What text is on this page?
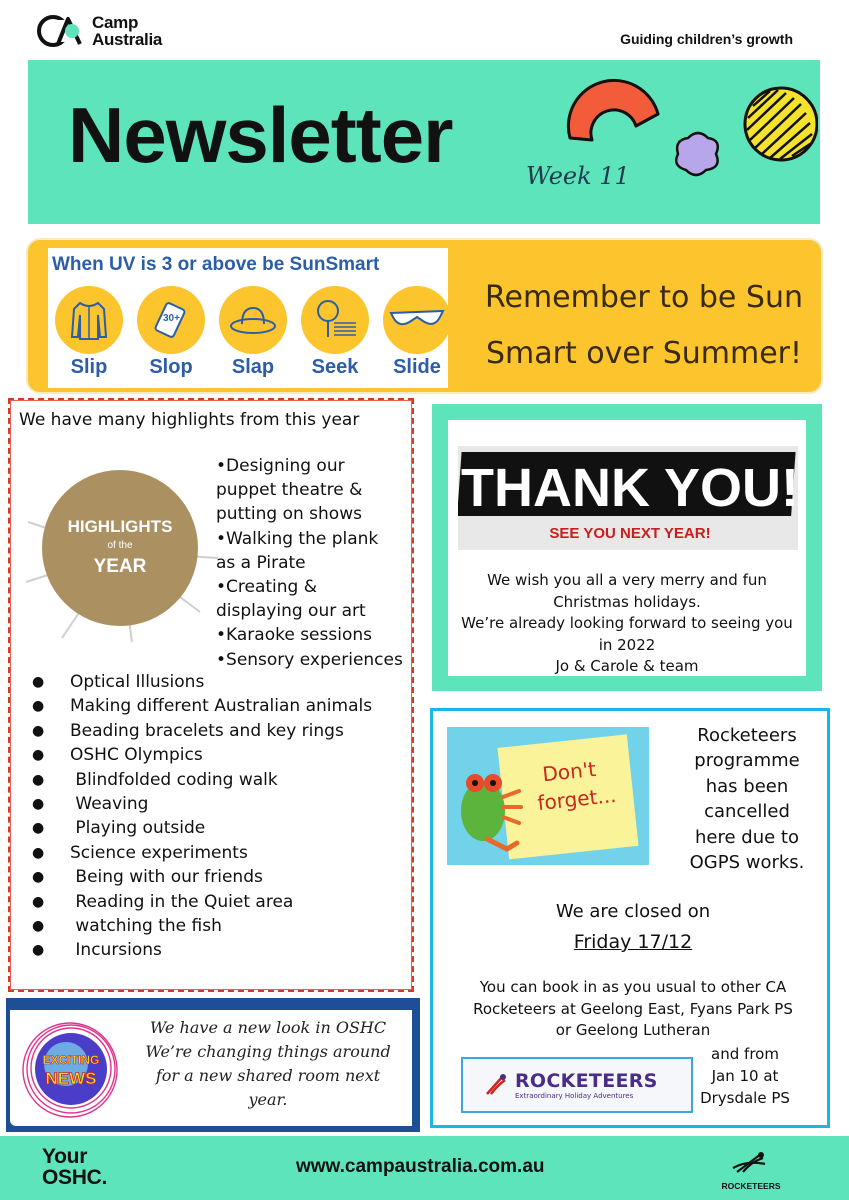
Camp
Australia	Guiding children’s growth
Newsletter	Week 11
When UV is 3 or above be SunSmart
Slip
30+
Slop Slap Seek Slide
Remember to be Sun
Smart over Summer!
We have many highlights from this year
HIGHLIGHTS
of the
YEAR
•Designing our
puppet theatre &
putting on shows
•Walking the plank
as a Pirate
•Creating &
displaying our art
•Karaoke sessions
•Sensory experiences
●	Optical Illusions
●	Making different Australian animals
●	Beading bracelets and key rings
●	OSHC Olympics
●	Blindfolded coding walk
●	Weaving
●	Playing outside
●	Science experiments
●	Being with our friends
●	Reading in the Quiet area
●	watching the fish
●	Incursions
THANK YOU!
SEE YOU NEXT YEAR!
We wish you all a very merry and fun
Christmas holidays.
We’re already looking forward to seeing you
in 2022
Jo & Carole & team
Don't
forget...
Rocketeers
programme
has been
cancelled
here due to
OGPS works.
We are closed on
Friday 17/12
You can book in as you usual to other CA
Rocketeers at Geelong East, Fyans Park PS
or Geelong Lutheran
ROCKETEERS
Extraordinary Holiday Adventures
and from
Jan 10 at
Drysdale PS
EXCITING
NEWS
We have a new look in OSHC
We’re changing things around
for a new shared room next
year.
Your
OSHC.	www.campaustralia.com.au
ROCKETEERS
